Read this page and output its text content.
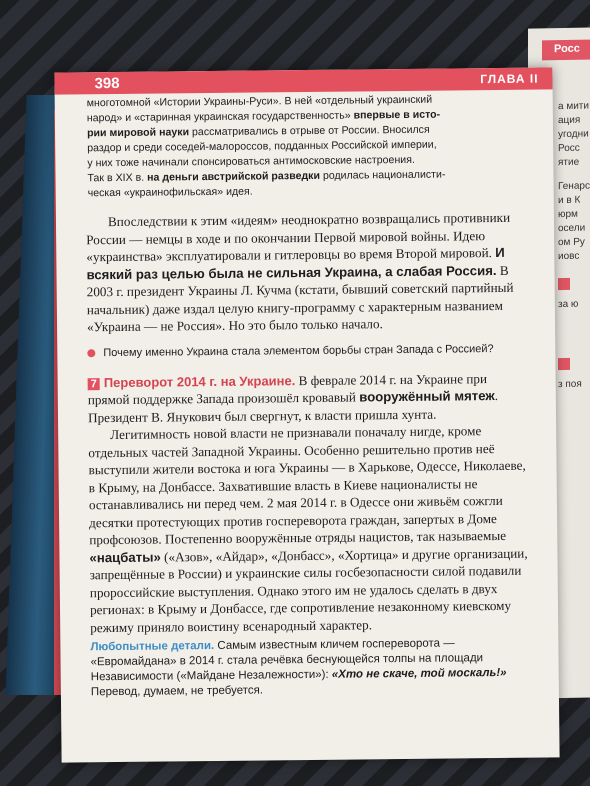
Росс
а мити
ация
угодни
Росс
ятие
Генарс
и в К
юрм
осели
ом Ру
иовс
за ю
з поя
398	ГЛАВА II
многотомной «Истории Украины-Руси». В ней «отдельный украинский
народ» и «старинная украинская государственность» впервые в исто-
рии мировой науки рассматривались в отрыве от России. Вносился
раздор и среди соседей-малороссов, подданных Российской империи,
у них тоже начинали спонсироваться антимосковские настроения.
Так в XIX в. на деньги австрийской разведки родилась националисти-
ческая «украинофильская» идея.

Впоследствии к этим «идеям» неоднократно возвращались противники России — немцы в ходе и по окончании Первой мировой войны. Идею «украинства» эксплуатировали и гитлеровцы во время Второй мировой. И всякий раз целью была не сильная Украина, а слабая Россия. В 2003 г. президент Украины Л. Кучма (кстати, бывший советский партийный начальник) даже издал целую книгу-программу с характерным названием «Украина — не Россия». Но это было только начало.

Почему именно Украина стала элементом борьбы стран Запада с Россией?

7 Переворот 2014 г. на Украине. В феврале 2014 г. на Украине при прямой поддержке Запада произошёл кровавый вооружённый мятеж. Президент В. Янукович был свергнут, к власти пришла хунта.

Легитимность новой власти не признавали поначалу нигде, кроме отдельных частей Западной Украины. Особенно решительно против неё выступили жители востока и юга Украины — в Харькове, Одессе, Николаеве, в Крыму, на Донбассе. Захватившие власть в Киеве националисты не останавливались ни перед чем. 2 мая 2014 г. в Одессе они живьём сожгли десятки протестующих против госпереворота граждан, запертых в Доме профсоюзов. Постепенно вооружённые отряды нацистов, так называемые «нацбаты» («Азов», «Айдар», «Донбасс», «Хортица» и другие организации, запрещённые в России) и украинские силы госбезопасности силой подавили пророссийские выступления. Однако этого им не удалось сделать в двух регионах: в Крыму и Донбассе, где сопротивление незаконному киевскому режиму приняло воистину всенародный характер.

Любопытные детали. Самым известным кличем госпереворота — «Евромайдана» в 2014 г. стала речёвка беснующейся толпы на площади Независимости («Майдане Незалежности»): «Хто не скаче, той москаль!» Перевод, думаем, не требуется.
